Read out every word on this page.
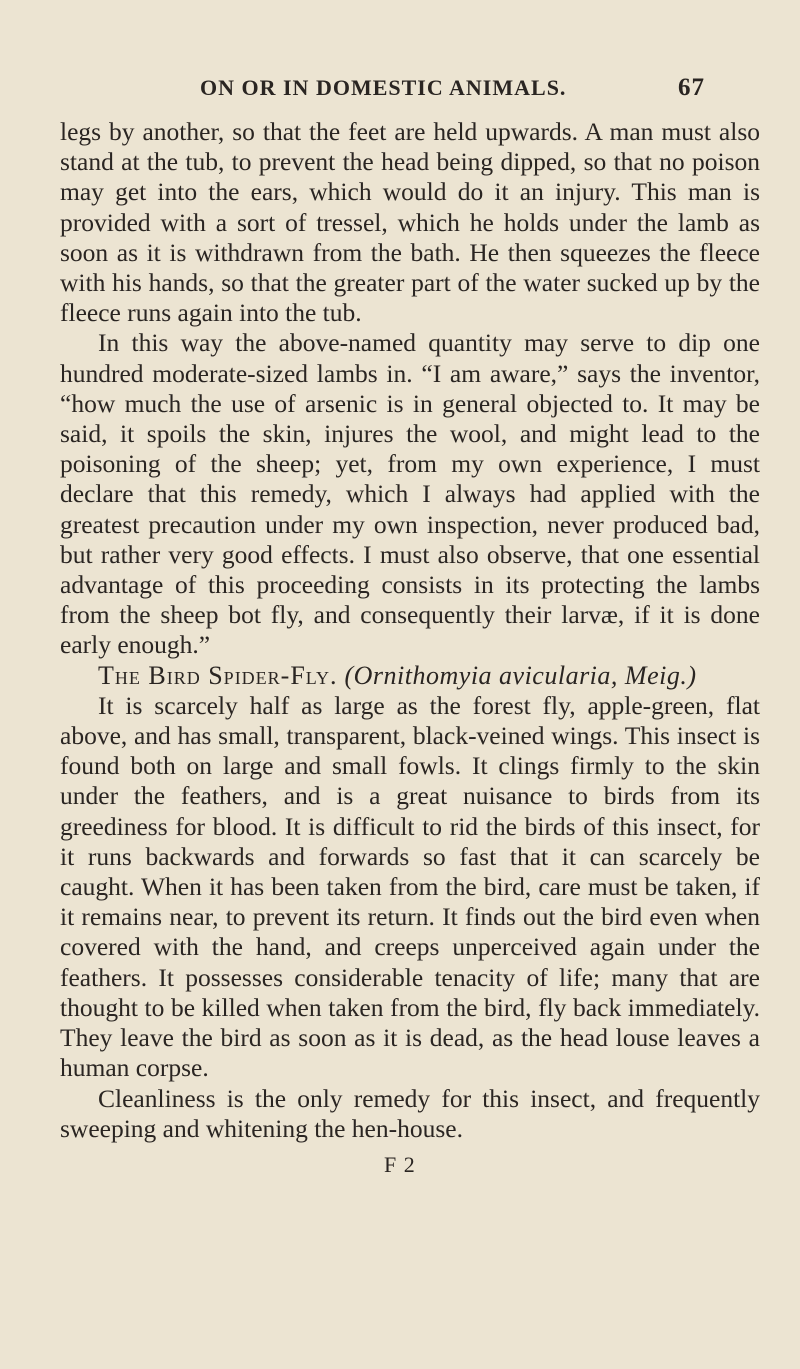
ON OR IN DOMESTIC ANIMALS.	67

legs by another, so that the feet are held upwards. A man must also stand at the tub, to prevent the head being dipped, so that no poison may get into the ears, which would do it an injury. This man is provided with a sort of tressel, which he holds under the lamb as soon as it is withdrawn from the bath. He then squeezes the fleece with his hands, so that the greater part of the water sucked up by the fleece runs again into the tub.

In this way the above-named quantity may serve to dip one hundred moderate-sized lambs in. “I am aware,” says the inventor, “how much the use of arsenic is in general objected to. It may be said, it spoils the skin, injures the wool, and might lead to the poisoning of the sheep; yet, from my own experience, I must declare that this remedy, which I always had applied with the greatest precaution under my own inspection, never produced bad, but rather very good effects. I must also observe, that one essential advantage of this proceeding consists in its protecting the lambs from the sheep bot fly, and consequently their larvæ, if it is done early enough.”

The Bird Spider-Fly. (Ornithomyia avicularia, Meig.)

It is scarcely half as large as the forest fly, apple-green, flat above, and has small, transparent, black-veined wings. This insect is found both on large and small fowls. It clings firmly to the skin under the feathers, and is a great nuisance to birds from its greediness for blood. It is difficult to rid the birds of this insect, for it runs backwards and forwards so fast that it can scarcely be caught. When it has been taken from the bird, care must be taken, if it remains near, to prevent its return. It finds out the bird even when covered with the hand, and creeps unperceived again under the feathers. It possesses considerable tenacity of life; many that are thought to be killed when taken from the bird, fly back immediately. They leave the bird as soon as it is dead, as the head louse leaves a human corpse.

Cleanliness is the only remedy for this insect, and frequently sweeping and whitening the hen-house.

F 2
